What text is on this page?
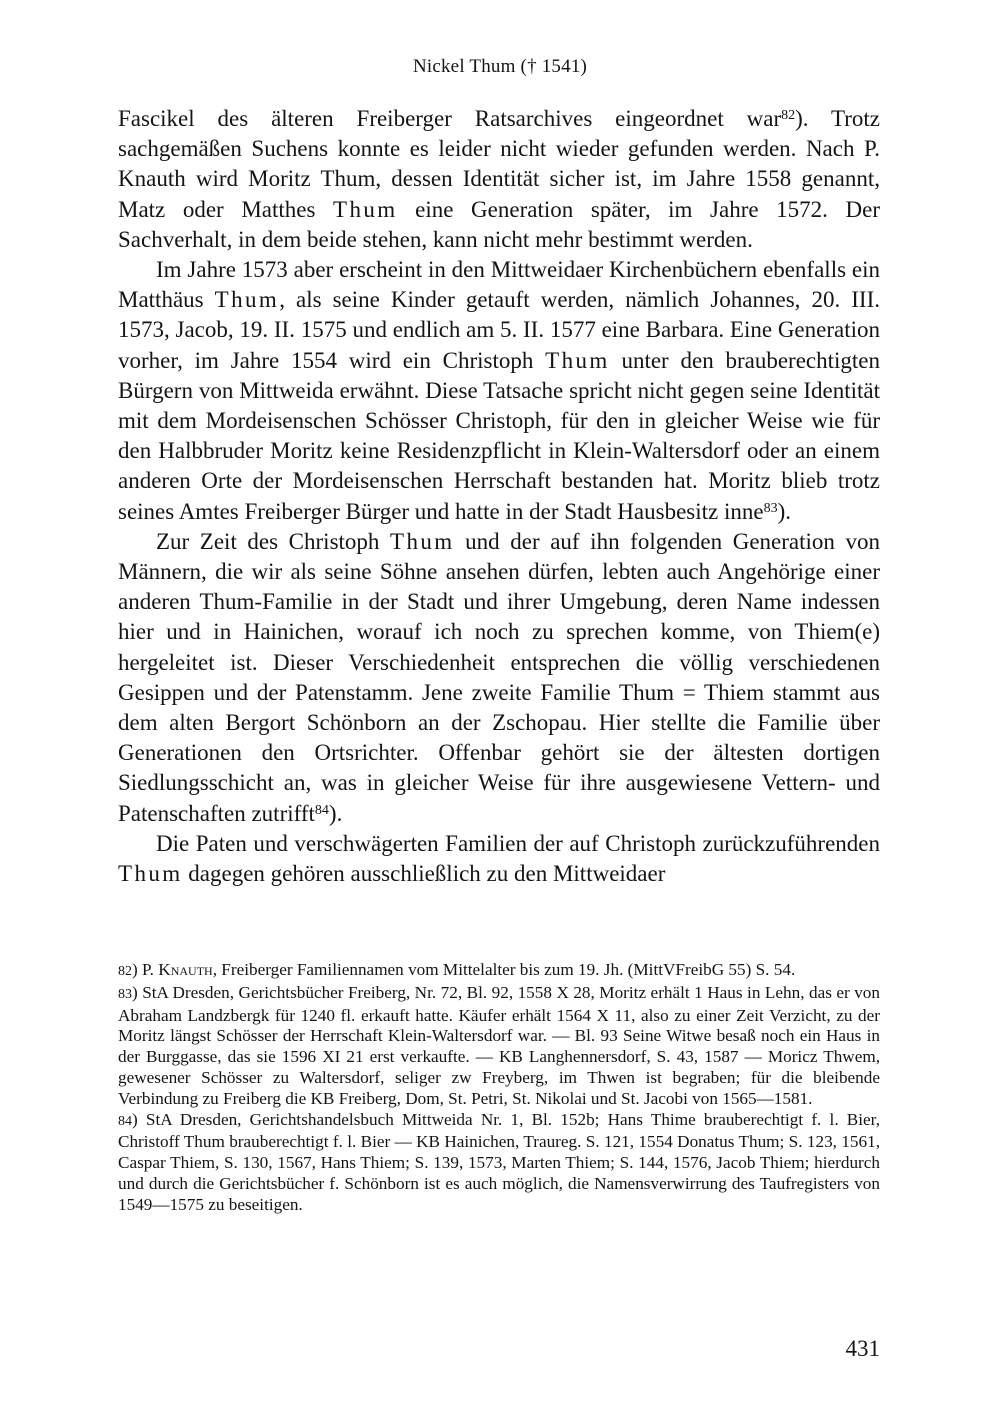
Nickel Thum († 1541)

Fascikel des älteren Freiberger Ratsarchives eingeordnet war$^{82}$). Trotz sachgemäßen Suchens konnte es leider nicht wieder gefunden werden. Nach P. Knauth wird Moritz Thum, dessen Identität sicher ist, im Jahre 1558 genannt, Matz oder Matthes Thum eine Generation später, im Jahre 1572. Der Sachverhalt, in dem beide stehen, kann nicht mehr bestimmt werden.

Im Jahre 1573 aber erscheint in den Mittweidaer Kirchenbüchern ebenfalls ein Matthäus Thum, als seine Kinder getauft werden, nämlich Johannes, 20. III. 1573, Jacob, 19. II. 1575 und endlich am 5. II. 1577 eine Barbara. Eine Generation vorher, im Jahre 1554 wird ein Christoph Thum unter den brauberechtigten Bürgern von Mittweida erwähnt. Diese Tatsache spricht nicht gegen seine Identität mit dem Mordeisenschen Schösser Christoph, für den in gleicher Weise wie für den Halbbruder Moritz keine Residenzpflicht in Klein-Waltersdorf oder an einem anderen Orte der Mordeisenschen Herrschaft bestanden hat. Moritz blieb trotz seines Amtes Freiberger Bürger und hatte in der Stadt Hausbesitz inne$^{83}$).

Zur Zeit des Christoph Thum und der auf ihn folgenden Generation von Männern, die wir als seine Söhne ansehen dürfen, lebten auch Angehörige einer anderen Thum-Familie in der Stadt und ihrer Umgebung, deren Name indessen hier und in Hainichen, worauf ich noch zu sprechen komme, von Thiem(e) hergeleitet ist. Dieser Verschiedenheit entsprechen die völlig verschiedenen Gesippen und der Patenstamm. Jene zweite Familie Thum = Thiem stammt aus dem alten Bergort Schönborn an der Zschopau. Hier stellte die Familie über Generationen den Ortsrichter. Offenbar gehört sie der ältesten dortigen Siedlungsschicht an, was in gleicher Weise für ihre ausgewiesene Vettern- und Patenschaften zutrifft$^{84}$).

Die Paten und verschwägerten Familien der auf Christoph zurückzuführenden Thum dagegen gehören ausschließlich zu den Mittweidaer

82) P. Knauth, Freiberger Familiennamen vom Mittelalter bis zum 19. Jh. (MittVFreibG 55) S. 54.

83) StA Dresden, Gerichtsbücher Freiberg, Nr. 72, Bl. 92, 1558 X 28, Moritz erhält 1 Haus in Lehn, das er von Abraham Landzbergk für 1240 fl. erkauft hatte. Käufer erhält 1564 X 11, also zu einer Zeit Verzicht, zu der Moritz längst Schösser der Herrschaft Klein-Waltersdorf war. — Bl. 93 Seine Witwe besaß noch ein Haus in der Burggasse, das sie 1596 XI 21 erst verkaufte. — KB Langhennersdorf, S. 43, 1587 — Moricz Thwem, gewesener Schösser zu Waltersdorf, seliger zw Freyberg, im Thwen ist begraben; für die bleibende Verbindung zu Freiberg die KB Freiberg, Dom, St. Petri, St. Nikolai und St. Jacobi von 1565—1581.

84) StA Dresden, Gerichtshandelsbuch Mittweida Nr. 1, Bl. 152b; Hans Thime brauberechtigt f. l. Bier, Christoff Thum brauberechtigt f. l. Bier — KB Hainichen, Traureg. S. 121, 1554 Donatus Thum; S. 123, 1561, Caspar Thiem, S. 130, 1567, Hans Thiem; S. 139, 1573, Marten Thiem; S. 144, 1576, Jacob Thiem; hierdurch und durch die Gerichtsbücher f. Schönborn ist es auch möglich, die Namensverwirrung des Taufregisters von 1549—1575 zu beseitigen.

431
